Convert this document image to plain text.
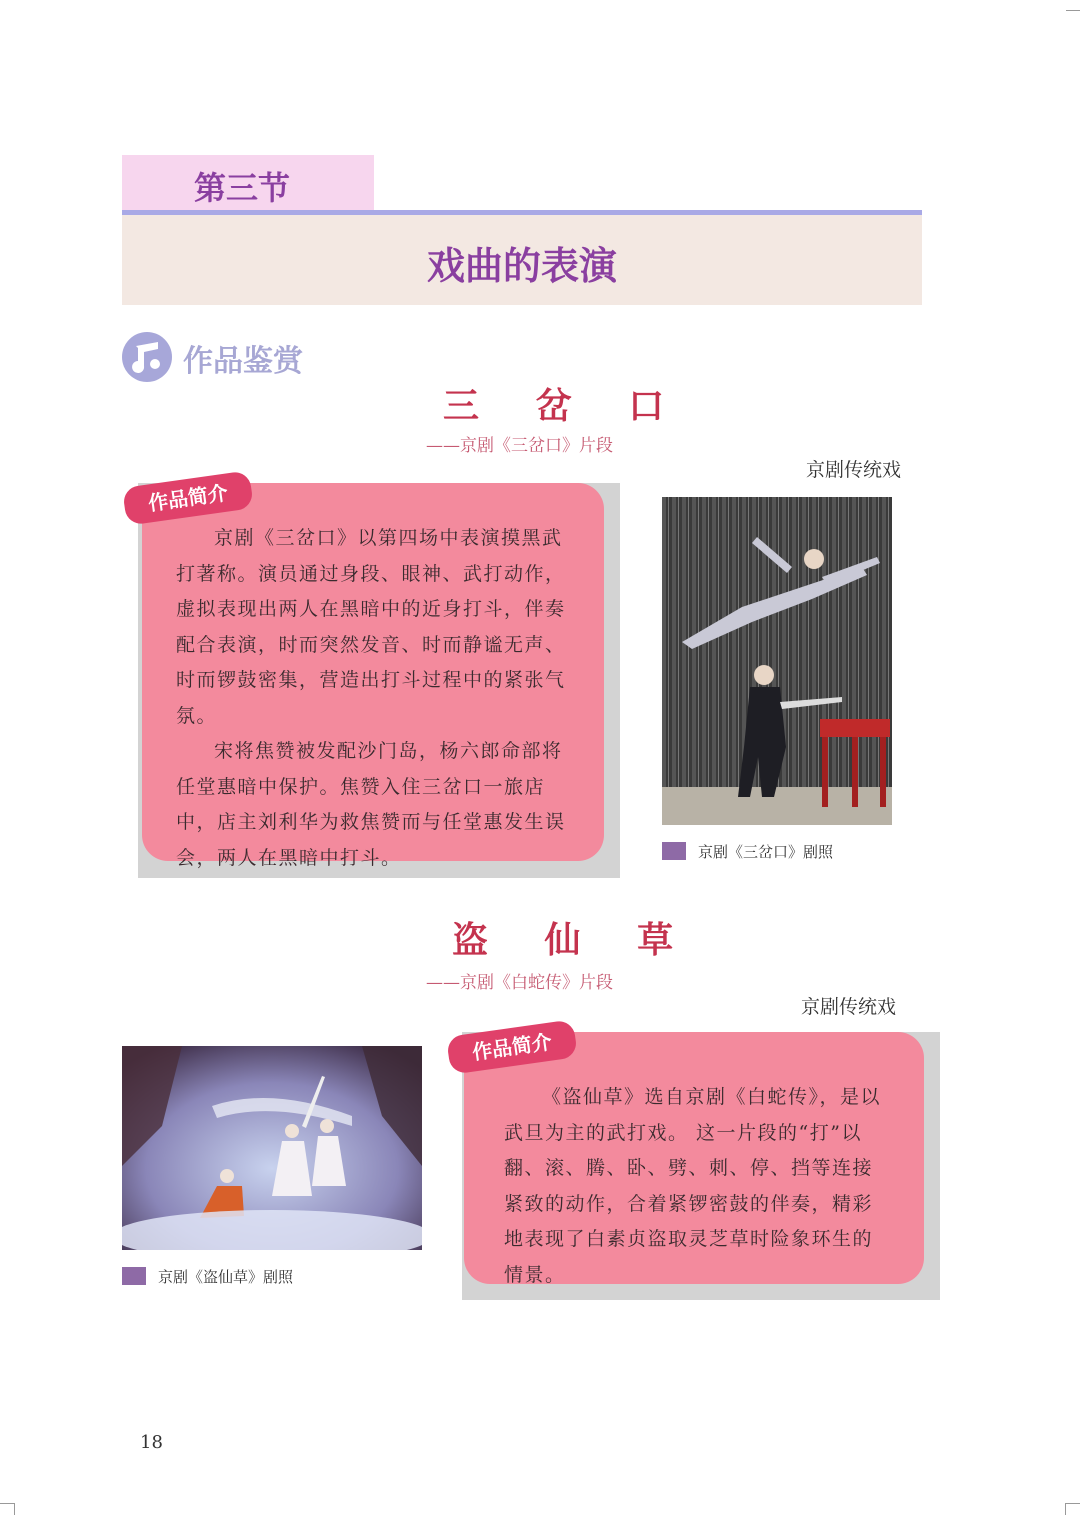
第三节
戏曲的表演
作品鉴赏
三 岔 口
——京剧《三岔口》片段
京剧传统戏

京剧《三岔口》以第四场中表演摸黑武打著称。演员通过身段、眼神、武打动作，虚拟表现出两人在黑暗中的近身打斗，伴奏配合表演，时而突然发音、时而静谧无声、时而锣鼓密集，营造出打斗过程中的紧张气氛。

宋将焦赞被发配沙门岛，杨六郎命部将任堂惠暗中保护。焦赞入住三岔口一旅店中，店主刘利华为救焦赞而与任堂惠发生误会，两人在黑暗中打斗。

作品简介
京剧《三岔口》剧照
盗 仙 草
——京剧《白蛇传》片段
京剧传统戏
京剧《盗仙草》剧照

《盗仙草》选自京剧《白蛇传》，是以武旦为主的武打戏。 这一片段的“打”以翻、滚、腾、卧、劈、刺、停、挡等连接紧致的动作，合着紧锣密鼓的伴奏，精彩地表现了白素贞盗取灵芝草时险象环生的情景。

作品简介
18
